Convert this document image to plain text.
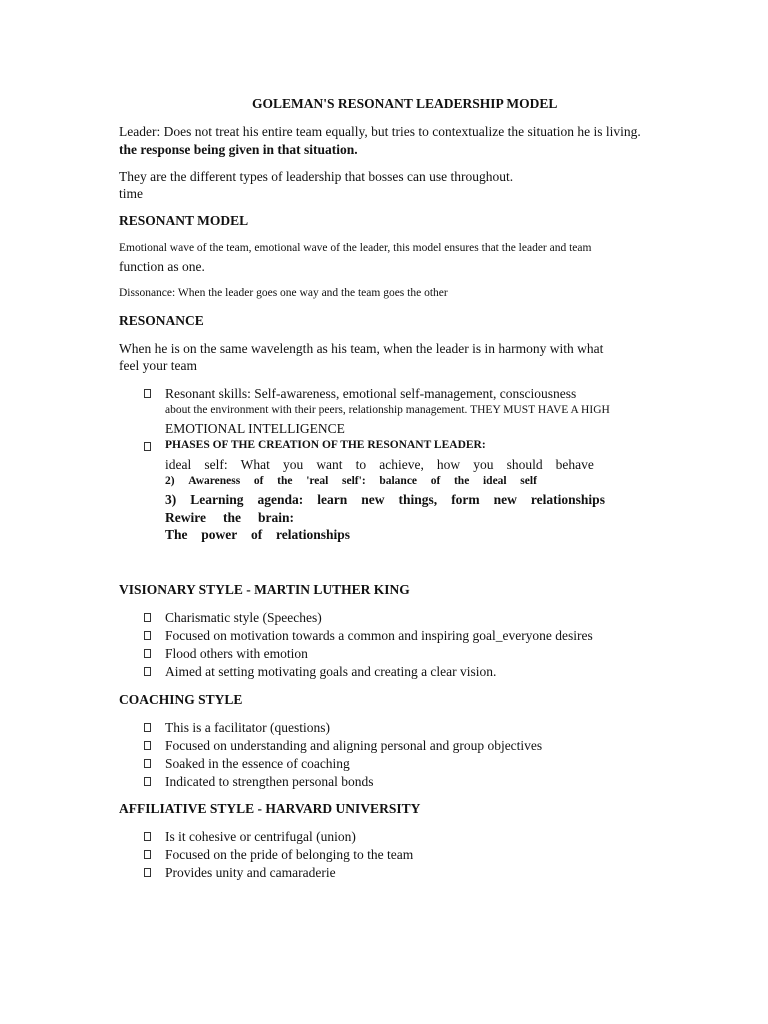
GOLEMAN'S RESONANT LEADERSHIP MODEL
Leader: Does not treat his entire team equally, but tries to contextualize the situation he is living.
the response being given in that situation.
They are the different types of leadership that bosses can use throughout.
time
RESONANT MODEL
Emotional wave of the team, emotional wave of the leader, this model ensures that the leader and team
function as one.
Dissonance: When the leader goes one way and the team goes the other
RESONANCE
When he is on the same wavelength as his team, when the leader is in harmony with what
feel your team
Resonant skills: Self-awareness, emotional self-management, consciousness
about the environment with their peers, relationship management. THEY MUST HAVE A HIGH
EMOTIONAL INTELLIGENCE
PHASES OF THE CREATION OF THE RESONANT LEADER:
ideal self: What you want to achieve, how you should behave
2) Awareness of the 'real self': balance of the ideal self
3) Learning agenda: learn new things, form new relationships
Rewire the brain:
The power of relationships
VISIONARY STYLE - MARTIN LUTHER KING
Charismatic style (Speeches)
Focused on motivation towards a common and inspiring goal_everyone desires
Flood others with emotion
Aimed at setting motivating goals and creating a clear vision.
COACHING STYLE
This is a facilitator (questions)
Focused on understanding and aligning personal and group objectives
Soaked in the essence of coaching
Indicated to strengthen personal bonds
AFFILIATIVE STYLE - HARVARD UNIVERSITY
Is it cohesive or centrifugal (union)
Focused on the pride of belonging to the team
Provides unity and camaraderie
